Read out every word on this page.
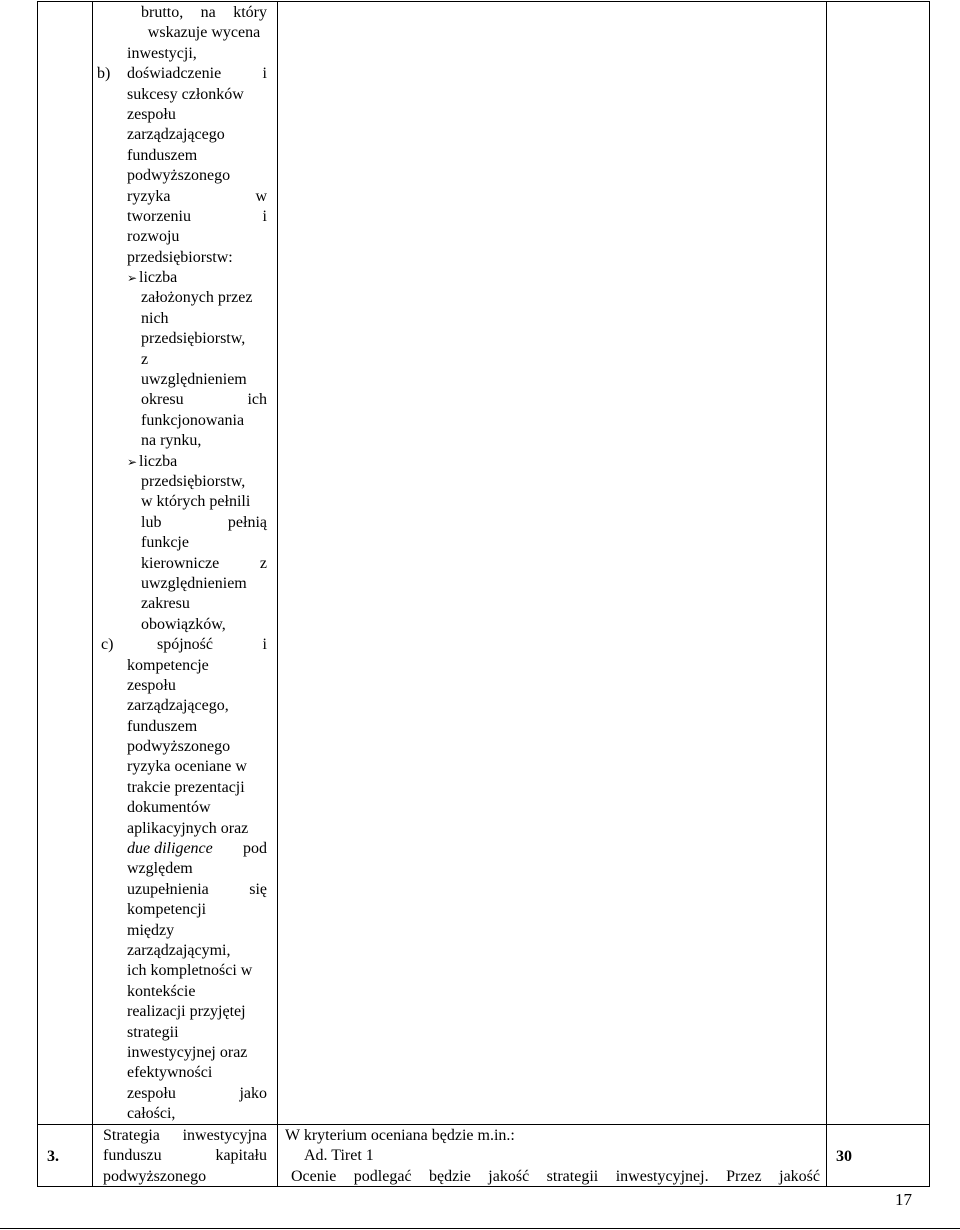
brutto, na który
wskazuje wycena
inwestycji,
b)	doświadczenie i
sukcesy członków
zespołu
zarządzającego
funduszem
podwyższonego
ryzyka w
tworzeniu i
rozwoju
przedsiębiorstw:
➢ liczba
założonych przez
nich
przedsiębiorstw,
z
uwzględnieniem
okresu ich
funkcjonowania
na rynku,
➢ liczba
przedsiębiorstw,
w których pełnili
lub pełnią
funkcje
kierownicze z
uwzględnieniem
zakresu
obowiązków,
c)	spójność i
kompetencje
zespołu
zarządzającego,
funduszem
podwyższonego
ryzyka oceniane w
trakcie prezentacji
dokumentów
aplikacyjnych oraz
due diligence pod
względem
uzupełnienia się
kompetencji
między
zarządzającymi,
ich kompletności w
kontekście
realizacji przyjętej
strategii
inwestycyjnej oraz
efektywności
zespołu jako
całości,
3.
Strategia inwestycyjna
funduszu kapitału
podwyższonego
W kryterium oceniana będzie m.in.:
Ad. Tiret 1
Ocenie podlegać będzie jakość strategii inwestycyjnej. Przez jakość
30
17
